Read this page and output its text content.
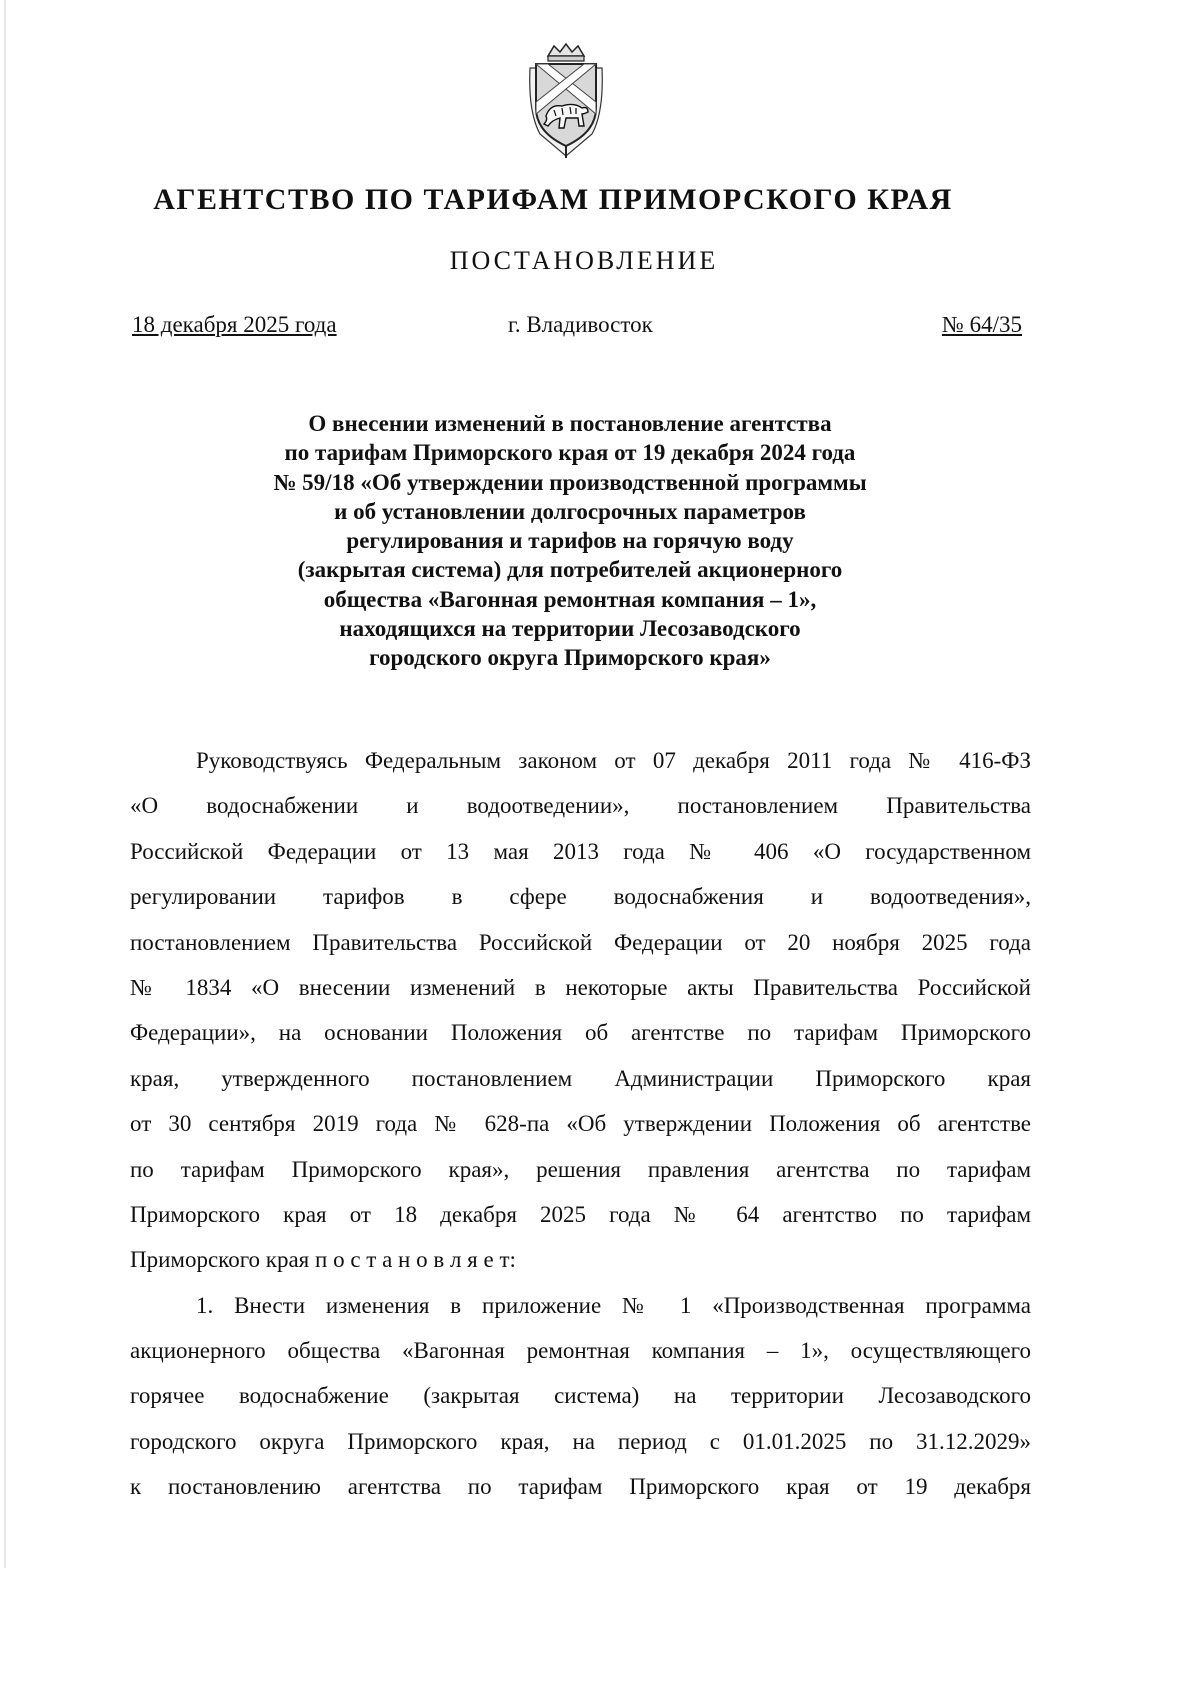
АГЕНТСТВО ПО ТАРИФАМ ПРИМОРСКОГО КРАЯ
ПОСТАНОВЛЕНИЕ
18 декабря 2025 года	г. Владивосток	№ 64/35
О внесении изменений в постановление агентства
по тарифам Приморского края от 19 декабря 2024 года
№ 59/18 «Об утверждении производственной программы
и об установлении долгосрочных параметров
регулирования и тарифов на горячую воду
(закрытая система) для потребителей акционерного
общества «Вагонная ремонтная компания – 1»,
находящихся на территории Лесозаводского
городского округа Приморского края»
Руководствуясь Федеральным законом от 07 декабря 2011 года № 416-ФЗ
«О водоснабжении и водоотведении», постановлением Правительства
Российской Федерации от 13 мая 2013 года № 406 «О государственном
регулировании тарифов в сфере водоснабжения и водоотведения»,
постановлением Правительства Российской Федерации от 20 ноября 2025 года
№ 1834 «О внесении изменений в некоторые акты Правительства Российской
Федерации», на основании Положения об агентстве по тарифам Приморского
края, утвержденного постановлением Администрации Приморского края
от 30 сентября 2019 года № 628-па «Об утверждении Положения об агентстве
по тарифам Приморского края», решения правления агентства по тарифам
Приморского края от 18 декабря 2025 года № 64 агентство по тарифам
Приморского края п о с т а н о в л я е т:
1. Внести изменения в приложение № 1 «Производственная программа
акционерного общества «Вагонная ремонтная компания – 1», осуществляющего
горячее водоснабжение (закрытая система) на территории Лесозаводского
городского округа Приморского края, на период с 01.01.2025 по 31.12.2029»
к постановлению агентства по тарифам Приморского края от 19 декабря
